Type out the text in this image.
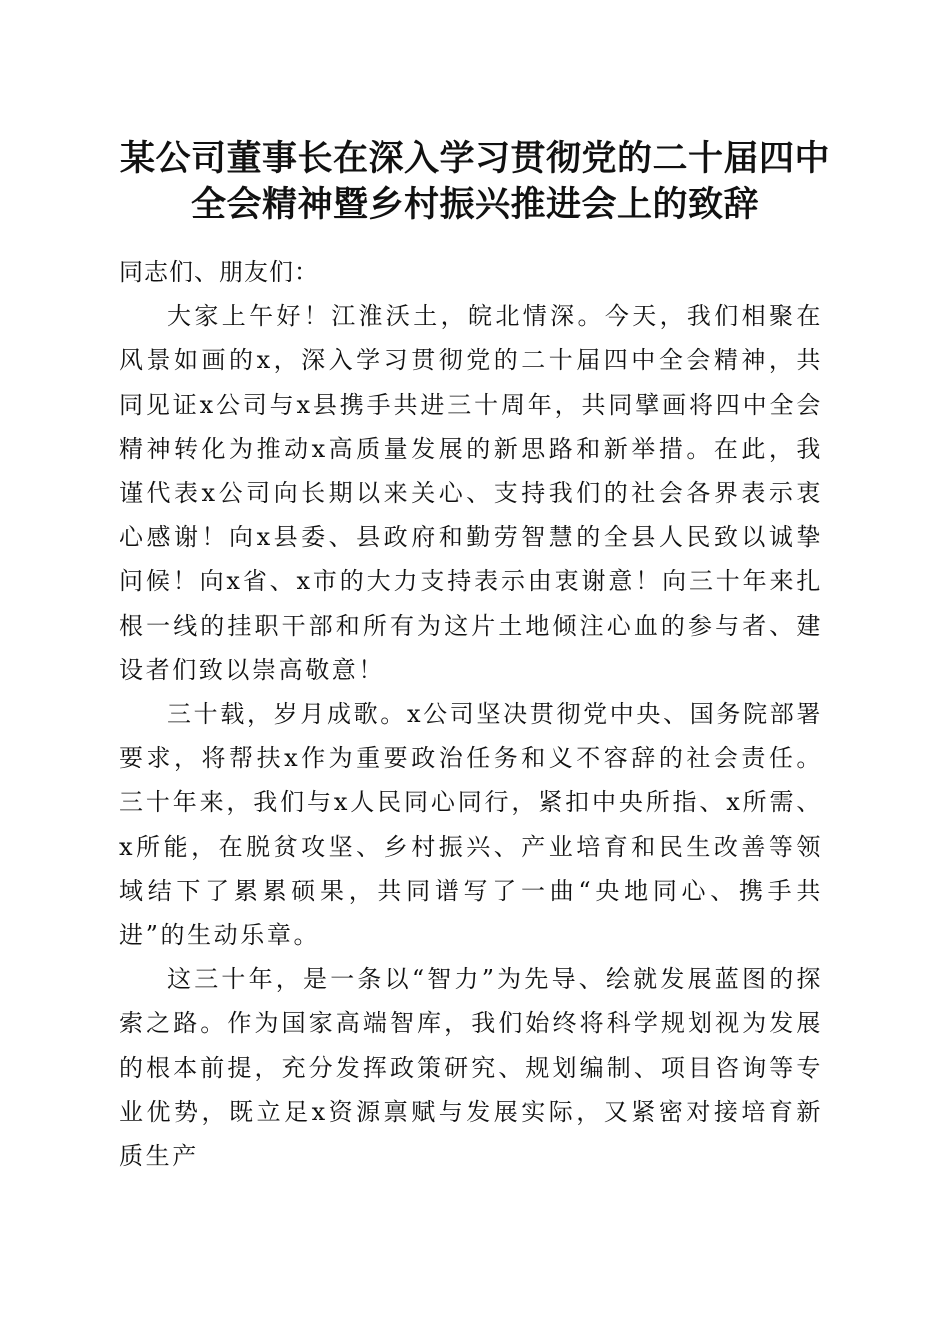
某公司董事长在深入学习贯彻党的二十届四中
全会精神暨乡村振兴推进会上的致辞

同志们、朋友们：

大家上午好！江淮沃土，皖北情深。今天，我们相聚在风景如画的x，深入学习贯彻党的二十届四中全会精神，共同见证x公司与x县携手共进三十周年，共同擘画将四中全会精神转化为推动x高质量发展的新思路和新举措。在此，我谨代表x公司向长期以来关心、支持我们的社会各界表示衷心感谢！向x县委、县政府和勤劳智慧的全县人民致以诚挚问候！向x省、x市的大力支持表示由衷谢意！向三十年来扎根一线的挂职干部和所有为这片土地倾注心血的参与者、建设者们致以崇高敬意！

三十载，岁月成歌。x公司坚决贯彻党中央、国务院部署要求，将帮扶x作为重要政治任务和义不容辞的社会责任。三十年来，我们与x人民同心同行，紧扣中央所指、x所需、x所能，在脱贫攻坚、乡村振兴、产业培育和民生改善等领域结下了累累硕果，共同谱写了一曲“央地同心、携手共进”的生动乐章。

这三十年，是一条以“智力”为先导、绘就发展蓝图的探索之路。作为国家高端智库，我们始终将科学规划视为发展的根本前提，充分发挥政策研究、规划编制、项目咨询等专业优势，既立足x资源禀赋与发展实际，又紧密对接培育新质生产
